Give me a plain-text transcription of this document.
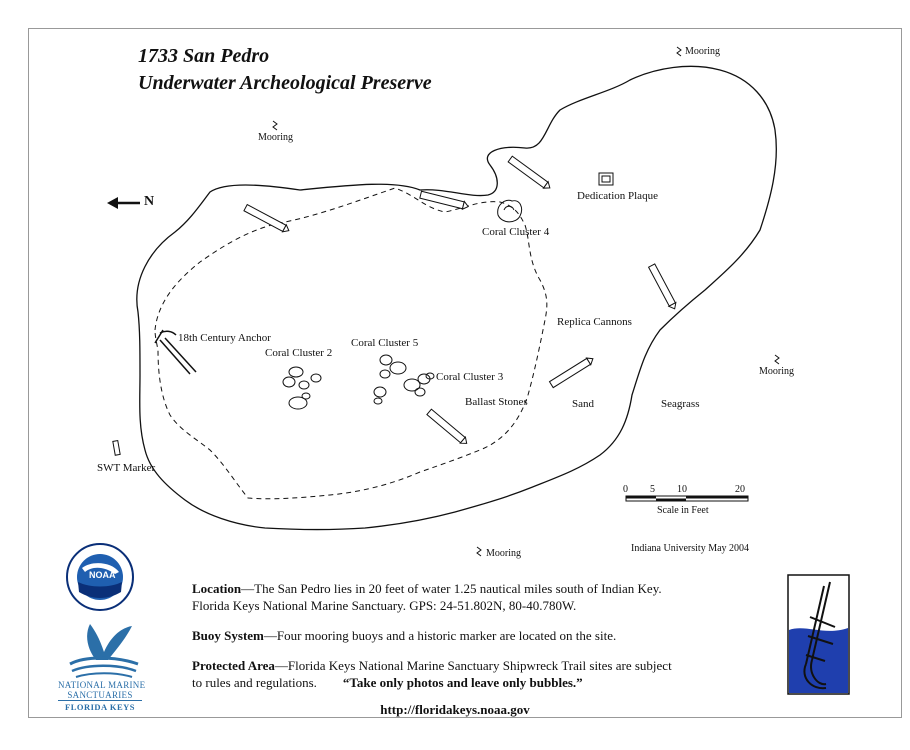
1733 San Pedro
Underwater Archeological Preserve
N
Mooring
Mooring
Mooring
Mooring
Dedication Plaque
Coral Cluster 4
Replica Cannons
18th Century Anchor
Coral Cluster 2
Coral Cluster 5
Coral Cluster 3
Ballast Stones	Sand	Seagrass
SWT Marker
0 5 10	20
Scale in Feet
Indiana University May 2004
NOAA
NATIONAL MARINE
SANCTUARIES
FLORIDA KEYS
Location—The San Pedro lies in 20 feet of water 1.25 nautical miles south of Indian Key.
Florida Keys National Marine Sanctuary. GPS: 24-51.802N, 80-40.780W.
Buoy System—Four mooring buoys and a historic marker are located on the site.
Protected Area—Florida Keys National Marine Sanctuary Shipwreck Trail sites are subject
to rules and regulations. “Take only photos and leave only bubbles.”
http://floridakeys.noaa.gov
